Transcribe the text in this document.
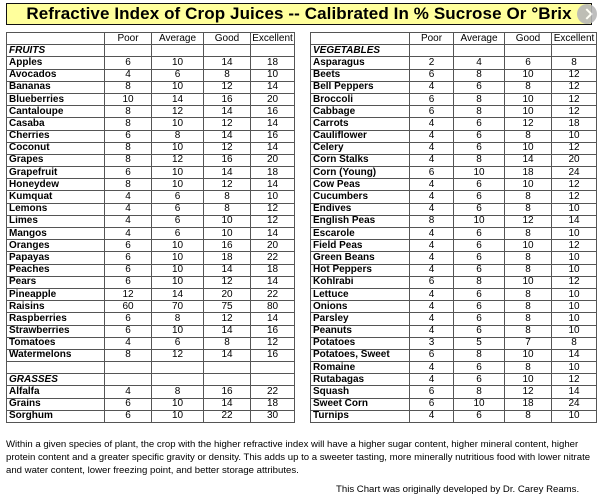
Refractive Index of Crop Juices -- Calibrated In % Sucrose Or °Brix
	Poor	Average	Good	Excellent
FRUITS				
Apples	6	10	14	18
Avocados	4	6	8	10
Bananas	8	10	12	14
Blueberries	10	14	16	20
Cantaloupe	8	12	14	16
Casaba	8	10	12	14
Cherries	6	8	14	16
Coconut	8	10	12	14
Grapes	8	12	16	20
Grapefruit	6	10	14	18
Honeydew	8	10	12	14
Kumquat	4	6	8	10
Lemons	4	6	8	12
Limes	4	6	10	12
Mangos	4	6	10	14
Oranges	6	10	16	20
Papayas	6	10	18	22
Peaches	6	10	14	18
Pears	6	10	12	14
Pineapple	12	14	20	22
Raisins	60	70	75	80
Raspberries	6	8	12	14
Strawberries	6	10	14	16
Tomatoes	4	6	8	12
Watermelons	8	12	14	16

GRASSES				
Alfalfa	4	8	16	22
Grains	6	10	14	18
Sorghum	6	10	22	30
	Poor	Average	Good	Excellent
VEGETABLES				
Asparagus	2	4	6	8
Beets	6	8	10	12
Bell Peppers	4	6	8	12
Broccoli	6	8	10	12
Cabbage	6	8	10	12
Carrots	4	6	12	18
Cauliflower	4	6	8	10
Celery	4	6	10	12
Corn Stalks	4	8	14	20
Corn (Young)	6	10	18	24
Cow Peas	4	6	10	12
Cucumbers	4	6	8	12
Endives	4	6	8	10
English Peas	8	10	12	14
Escarole	4	6	8	10
Field Peas	4	6	10	12
Green Beans	4	6	8	10
Hot Peppers	4	6	8	10
Kohlrabi	6	8	10	12
Lettuce	4	6	8	10
Onions	4	6	8	10
Parsley	4	6	8	10
Peanuts	4	6	8	10
Potatoes	3	5	7	8
Potatoes, Sweet	6	8	10	14
Romaine	4	6	8	10
Rutabagas	4	6	10	12
Squash	6	8	12	14
Sweet Corn	6	10	18	24
Turnips	4	6	8	10
Within a given species of plant, the crop with the higher refractive index will have a higher sugar content, higher mineral content, higher protein content and a greater specific gravity or density. This adds up to a sweeter tasting, more minerally nutritious food with lower nitrate and water content, lower freezing point, and better storage attributes.
This Chart was originally developed by Dr. Carey Reams.
